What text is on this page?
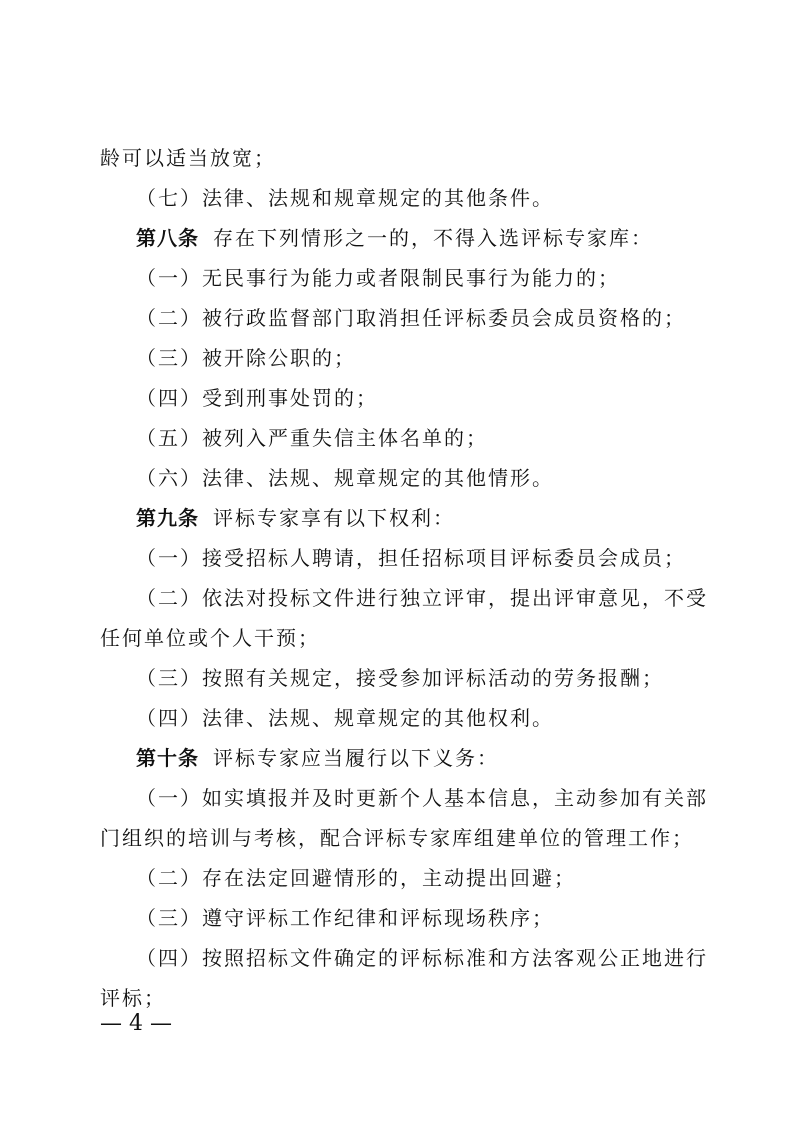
龄可以适当放宽；
（七）法律、法规和规章规定的其他条件。
第八条 存在下列情形之一的，不得入选评标专家库：
（一）无民事行为能力或者限制民事行为能力的；
（二）被行政监督部门取消担任评标委员会成员资格的；
（三）被开除公职的；
（四）受到刑事处罚的；
（五）被列入严重失信主体名单的；
（六）法律、法规、规章规定的其他情形。
第九条 评标专家享有以下权利：
（一）接受招标人聘请，担任招标项目评标委员会成员；
（二）依法对投标文件进行独立评审，提出评审意见，不受
任何单位或个人干预；
（三）按照有关规定，接受参加评标活动的劳务报酬；
（四）法律、法规、规章规定的其他权利。
第十条 评标专家应当履行以下义务：
（一）如实填报并及时更新个人基本信息，主动参加有关部
门组织的培训与考核，配合评标专家库组建单位的管理工作；
（二）存在法定回避情形的，主动提出回避；
（三）遵守评标工作纪律和评标现场秩序；
（四）按照招标文件确定的评标标准和方法客观公正地进行
评标；
— 4 —
